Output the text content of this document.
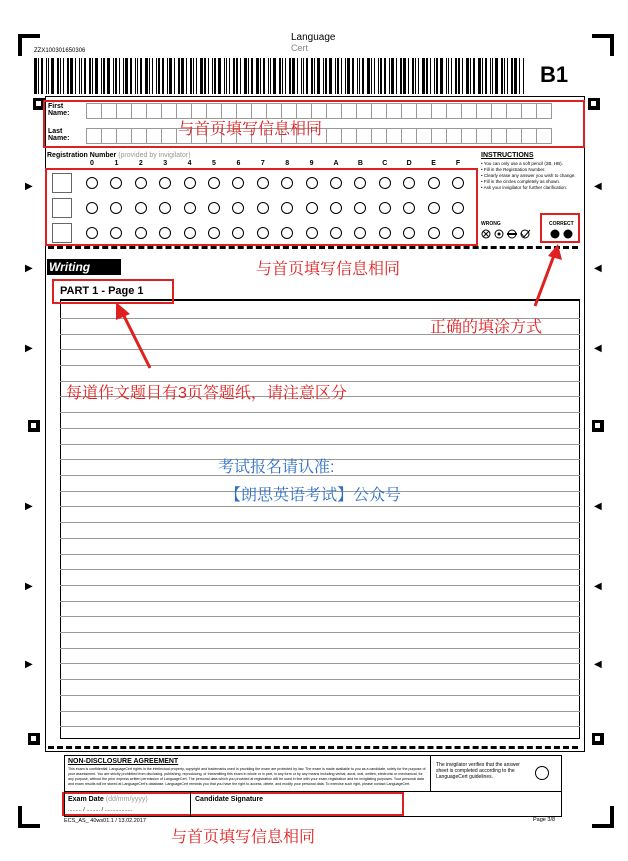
ZZX100301650306
Language
Cert
B1
▶
▶
▶
▶
▶
▶
◀
◀
◀
◀
◀
◀
First Name:
Last Name:
Registration Number (provided by invigilator)
0	1	2	3	4	5	6	7	8	9	A	B	C	D	E	F
INSTRUCTIONS
• You can only use a soft pencil (2B, HB).
• Fill in the Registration Number.
• Clearly erase any answer you wish to change.
• Fill in the circles completely as shown.
• Ask your invigilator for further clarification.
WRONG	CORRECT
Writing
PART 1 - Page 1
与首页填写信息相同
与首页填写信息相同
正确的填涂方式
每道作文题目有3页答题纸，请注意区分
与首页填写信息相同
考试报名请认准:
【朗思英语考试】公众号
NON-DISCLOSURE AGREEMENT
This exam is confidential. LanguageCert rights in the intellectual property, copyright and trademarks used in providing the exam are protected by law. The exam is made available to you as a candidate, solely for the purpose of your assessment. You are strictly prohibited from disclosing, publishing, reproducing, or transmitting this exam in whole or in part, in any form or by any means including verbal, aural, oral, written, electronic or mechanical, for any purpose, without the prior express written permission of LanguageCert. The personal data which you provided at registration will be used in line with your exam registration and for invigilating purposes. Your personal data and exam results will be stored at LanguageCert's database. LanguageCert reminds you that you have the right to access, delete, and modify your personal data. To exercise such right, please contact LanguageCert.
The invigilator verifies that the answer sheet is completed according to the LanguageCert guidelines.
Exam Date (dd/mm/yyyy)
......... / ......... / ..................
Candidate Signature
ECS_AS_ 40ws01.1 / 13.02.2017	Page 3/8
